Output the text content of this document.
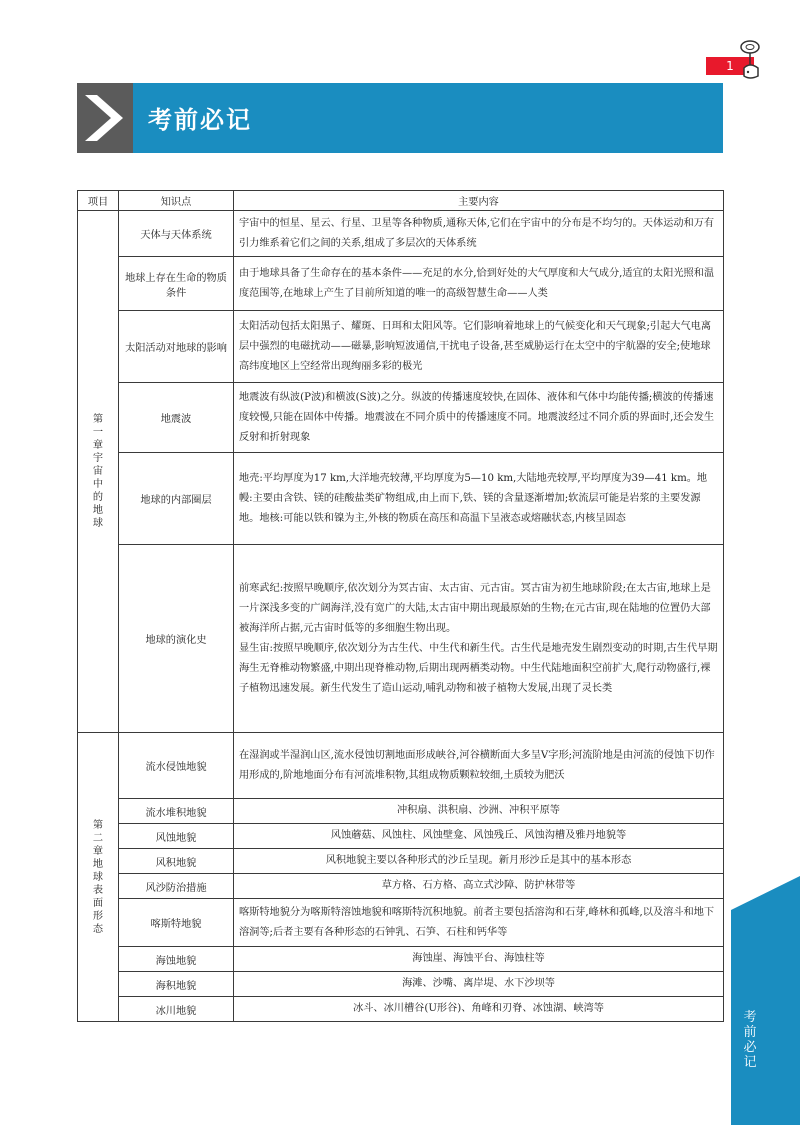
1
考前必记
考前必记
项目	知识点	主要内容
第一章宇宙中的地球	天体与天体系统	宇宙中的恒星、星云、行星、卫星等各种物质,通称天体,它们在宇宙中的分布是不均匀的。天体运动和万有引力维系着它们之间的关系,组成了多层次的天体系统

	地球上存在生命的物质条件	由于地球具备了生命存在的基本条件——充足的水分,恰到好处的大气厚度和大气成分,适宜的太阳光照和温度范围等,在地球上产生了目前所知道的唯一的高级智慧生命——人类

	太阳活动对地球的影响	太阳活动包括太阳黑子、耀斑、日珥和太阳风等。它们影响着地球上的气候变化和天气现象;引起大气电离层中强烈的电磁扰动——磁暴,影响短波通信,干扰电子设备,甚至威胁运行在太空中的宇航器的安全;使地球高纬度地区上空经常出现绚丽多彩的极光

	地震波	地震波有纵波(P波)和横波(S波)之分。纵波的传播速度较快,在固体、液体和气体中均能传播;横波的传播速度较慢,只能在固体中传播。地震波在不同介质中的传播速度不同。地震波经过不同介质的界面时,还会发生反射和折射现象

	地球的内部圈层	地壳:平均厚度为17 km,大洋地壳较薄,平均厚度为5—10 km,大陆地壳较厚,平均厚度为39—41 km。地幔:主要由含铁、镁的硅酸盐类矿物组成,由上而下,铁、镁的含量逐渐增加;软流层可能是岩浆的主要发源地。地核:可能以铁和镍为主,外核的物质在高压和高温下呈液态或熔融状态,内核呈固态

	地球的演化史	前寒武纪:按照早晚顺序,依次划分为冥古宙、太古宙、元古宙。冥古宙为初生地球阶段;在太古宙,地球上是一片深浅多变的广阔海洋,没有宽广的大陆,太古宙中期出现最原始的生物;在元古宙,现在陆地的位置仍大部被海洋所占据,元古宙时低等的多细胞生物出现。
显生宙:按照早晚顺序,依次划分为古生代、中生代和新生代。古生代是地壳发生剧烈变动的时期,古生代早期海生无脊椎动物繁盛,中期出现脊椎动物,后期出现两栖类动物。中生代陆地面积空前扩大,爬行动物盛行,裸子植物迅速发展。新生代发生了造山运动,哺乳动物和被子植物大发展,出现了灵长类

第二章地球表面形态	流水侵蚀地貌	在湿润或半湿润山区,流水侵蚀切割地面形成峡谷,河谷横断面大多呈V字形;河流阶地是由河流的侵蚀下切作用形成的,阶地地面分布有河流堆积物,其组成物质颗粒较细,土质较为肥沃

	流水堆积地貌	冲积扇、洪积扇、沙洲、冲积平原等

	风蚀地貌	风蚀蘑菇、风蚀柱、风蚀壁龛、风蚀残丘、风蚀沟槽及雅丹地貌等

	风积地貌	风积地貌主要以各种形式的沙丘呈现。新月形沙丘是其中的基本形态

	风沙防治措施	草方格、石方格、高立式沙障、防护林带等

	喀斯特地貌	喀斯特地貌分为喀斯特溶蚀地貌和喀斯特沉积地貌。前者主要包括溶沟和石芽,峰林和孤峰,以及溶斗和地下溶洞等;后者主要有各种形态的石钟乳、石笋、石柱和钙华等

	海蚀地貌	海蚀崖、海蚀平台、海蚀柱等

	海积地貌	海滩、沙嘴、离岸堤、水下沙坝等

	冰川地貌	冰斗、冰川槽谷(U形谷)、角峰和刃脊、冰蚀湖、峡湾等
